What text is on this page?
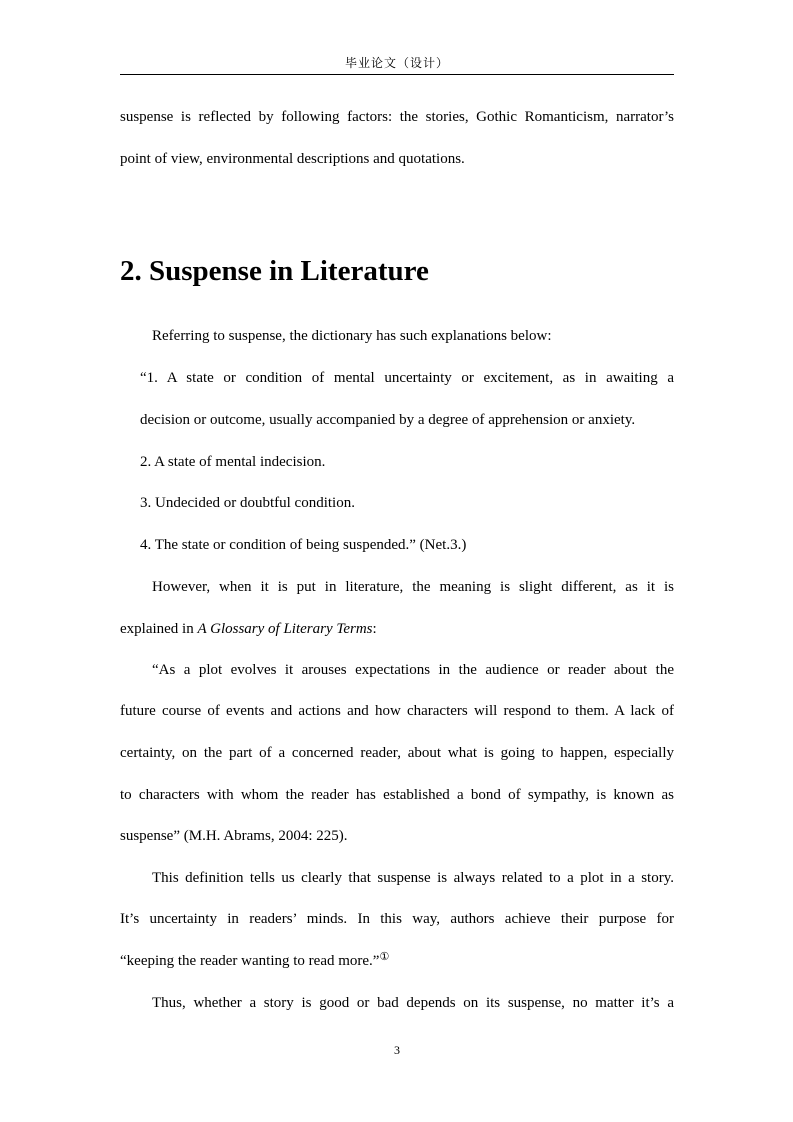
毕业论文（设计）

suspense is reflected by following factors: the stories, Gothic Romanticism, narrator’s

point of view, environmental descriptions and quotations.

2. Suspense in Literature

Referring to suspense, the dictionary has such explanations below:

“1. A state or condition of mental uncertainty or excitement, as in awaiting a

decision or outcome, usually accompanied by a degree of apprehension or anxiety.

2. A state of mental indecision.

3. Undecided or doubtful condition.

4. The state or condition of being suspended.” (Net.3.)

However, when it is put in literature, the meaning is slight different, as it is

explained in A Glossary of Literary Terms:

“As a plot evolves it arouses expectations in the audience or reader about the

future course of events and actions and how characters will respond to them. A lack of

certainty, on the part of a concerned reader, about what is going to happen, especially

to characters with whom the reader has established a bond of sympathy, is known as

suspense” (M.H. Abrams, 2004: 225).

This definition tells us clearly that suspense is always related to a plot in a story.

It’s uncertainty in readers’ minds. In this way, authors achieve their purpose for

“keeping the reader wanting to read more.”①

Thus, whether a story is good or bad depends on its suspense, no matter it’s a

3
